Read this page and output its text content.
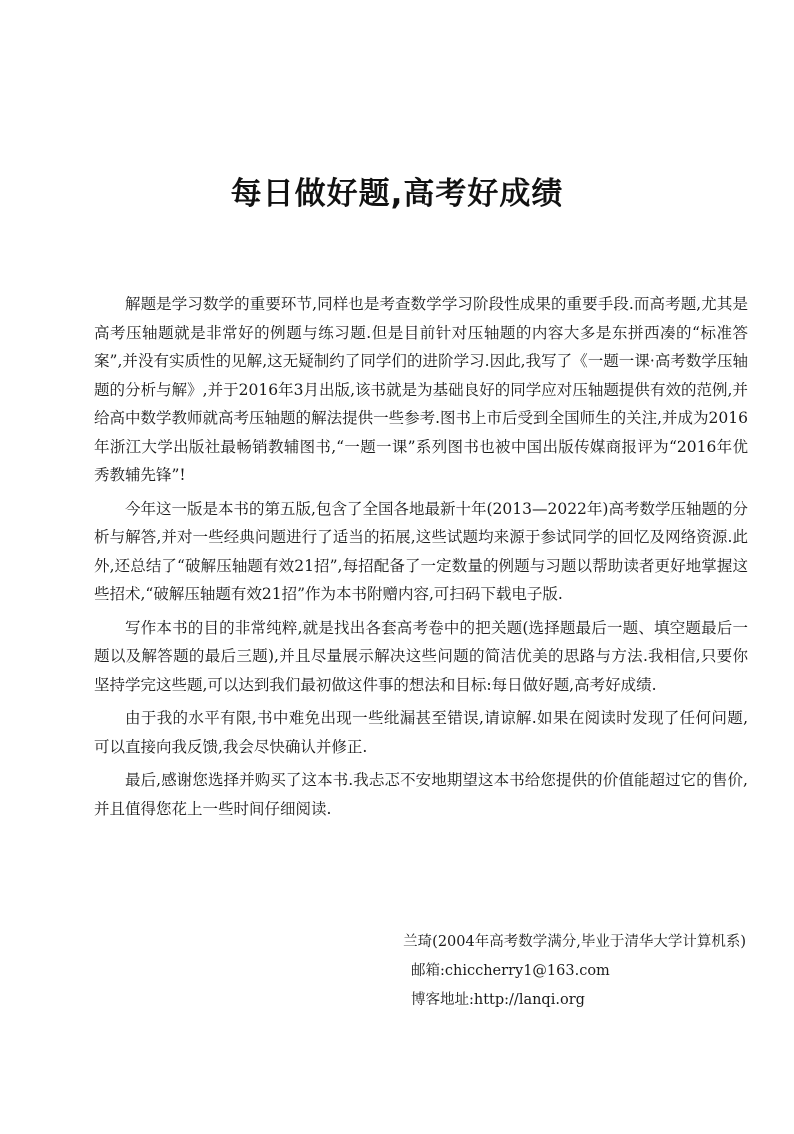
每日做好题,高考好成绩

解题是学习数学的重要环节,同样也是考查数学学习阶段性成果的重要手段.而高考题,尤其是高考压轴题就是非常好的例题与练习题.但是目前针对压轴题的内容大多是东拼西凑的“标准答案”,并没有实质性的见解,这无疑制约了同学们的进阶学习.因此,我写了《一题一课·高考数学压轴题的分析与解》,并于2016年3月出版,该书就是为基础良好的同学应对压轴题提供有效的范例,并给高中数学教师就高考压轴题的解法提供一些参考.图书上市后受到全国师生的关注,并成为2016年浙江大学出版社最畅销教辅图书,“一题一课”系列图书也被中国出版传媒商报评为“2016年优秀教辅先锋”!

今年这一版是本书的第五版,包含了全国各地最新十年(2013—2022年)高考数学压轴题的分析与解答,并对一些经典问题进行了适当的拓展,这些试题均来源于参试同学的回忆及网络资源.此外,还总结了“破解压轴题有效21招”,每招配备了一定数量的例题与习题以帮助读者更好地掌握这些招术,“破解压轴题有效21招”作为本书附赠内容,可扫码下载电子版.

写作本书的目的非常纯粹,就是找出各套高考卷中的把关题(选择题最后一题、填空题最后一题以及解答题的最后三题),并且尽量展示解决这些问题的简洁优美的思路与方法.我相信,只要你坚持学完这些题,可以达到我们最初做这件事的想法和目标:每日做好题,高考好成绩.

由于我的水平有限,书中难免出现一些纰漏甚至错误,请谅解.如果在阅读时发现了任何问题,可以直接向我反馈,我会尽快确认并修正.

最后,感谢您选择并购买了这本书.我忐忑不安地期望这本书给您提供的价值能超过它的售价,并且值得您花上一些时间仔细阅读.

兰琦(2004年高考数学满分,毕业于清华大学计算机系)
邮箱:chiccherry1@163.com
博客地址:http://lanqi.org
